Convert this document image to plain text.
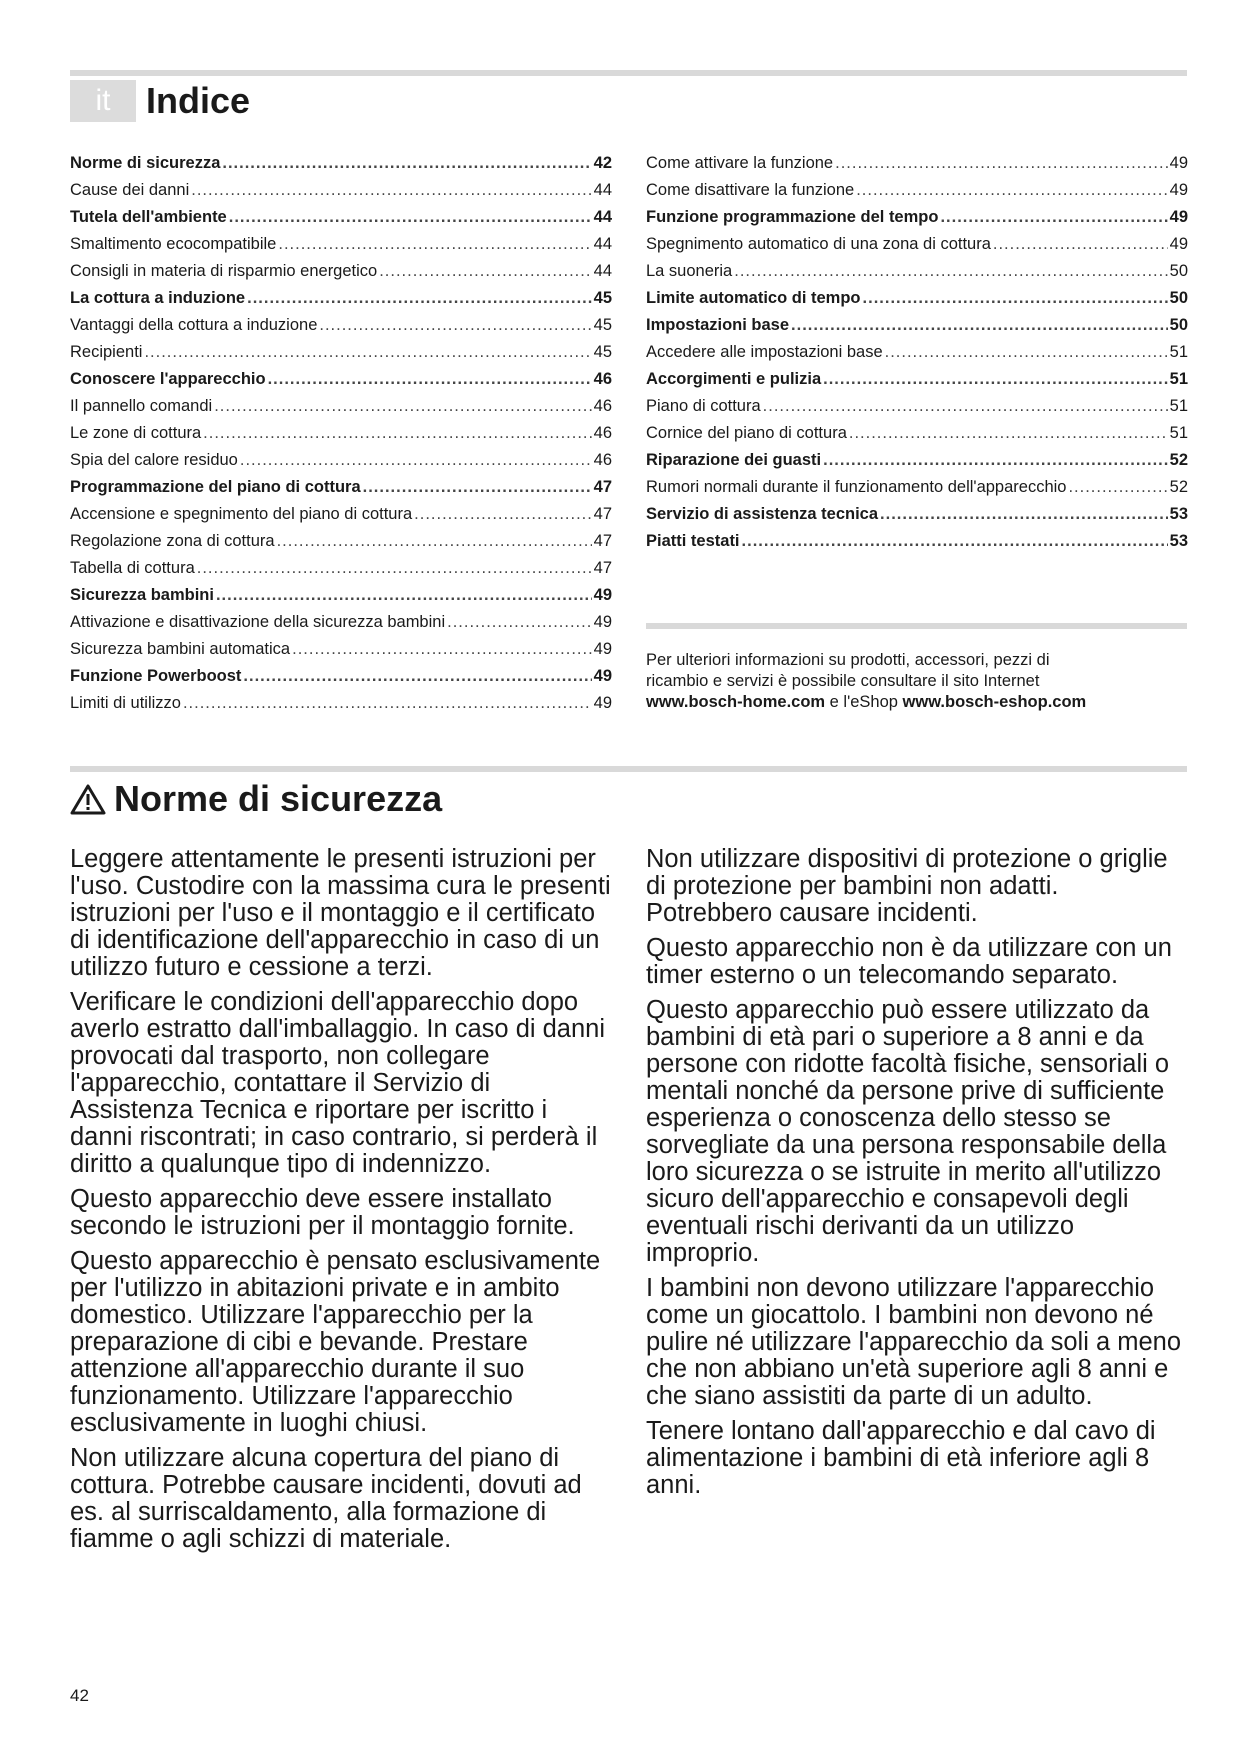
it Indice
Norme di sicurezza .....	42
Cause dei danni .....	44
Tutela dell'ambiente .....	44
Smaltimento ecocompatibile .....	44
Consigli in materia di risparmio energetico .....	44
La cottura a induzione .....	45
Vantaggi della cottura a induzione .....	45
Recipienti .....	45
Conoscere l'apparecchio .....	46
Il pannello comandi .....	46
Le zone di cottura .....	46
Spia del calore residuo .....	46
Programmazione del piano di cottura .....	47
Accensione e spegnimento del piano di cottura .....	47
Regolazione zona di cottura .....	47
Tabella di cottura .....	47
Sicurezza bambini .....	49
Attivazione e disattivazione della sicurezza bambini .....	49
Sicurezza bambini automatica .....	49
Funzione Powerboost .....	49
Limiti di utilizzo .....	49
Come attivare la funzione .....	49
Come disattivare la funzione .....	49
Funzione programmazione del tempo .....	49
Spegnimento automatico di una zona di cottura .....	49
La suoneria .....	50
Limite automatico di tempo .....	50
Impostazioni base .....	50
Accedere alle impostazioni base .....	51
Accorgimenti e pulizia .....	51
Piano di cottura .....	51
Cornice del piano di cottura .....	51
Riparazione dei guasti .....	52
Rumori normali durante il funzionamento dell'apparecchio .....	52
Servizio di assistenza tecnica .....	53
Piatti testati .....	53
Per ulteriori informazioni su prodotti, accessori, pezzi di
ricambio e servizi è possibile consultare il sito Internet
www.bosch-home.com e l'eShop www.bosch-eshop.com
Norme di sicurezza

Leggere attentamente le presenti istruzioni per l'uso. Custodire con la massima cura le presenti istruzioni per l'uso e il montaggio e il certificato di identificazione dell'apparecchio in caso di un utilizzo futuro e cessione a terzi.

Verificare le condizioni dell'apparecchio dopo averlo estratto dall'imballaggio. In caso di danni provocati dal trasporto, non collegare l'apparecchio, contattare il Servizio di Assistenza Tecnica e riportare per iscritto i danni riscontrati; in caso contrario, si perderà il diritto a qualunque tipo di indennizzo.

Questo apparecchio deve essere installato secondo le istruzioni per il montaggio fornite.

Questo apparecchio è pensato esclusivamente per l'utilizzo in abitazioni private e in ambito domestico. Utilizzare l'apparecchio per la preparazione di cibi e bevande. Prestare attenzione all'apparecchio durante il suo funzionamento. Utilizzare l'apparecchio esclusivamente in luoghi chiusi.

Non utilizzare alcuna copertura del piano di cottura. Potrebbe causare incidenti, dovuti ad es. al surriscaldamento, alla formazione di fiamme o agli schizzi di materiale.

Non utilizzare dispositivi di protezione o griglie di protezione per bambini non adatti. Potrebbero causare incidenti.

Questo apparecchio non è da utilizzare con un timer esterno o un telecomando separato.

Questo apparecchio può essere utilizzato da bambini di età pari o superiore a 8 anni e da persone con ridotte facoltà fisiche, sensoriali o mentali nonché da persone prive di sufficiente esperienza o conoscenza dello stesso se sorvegliate da una persona responsabile della loro sicurezza o se istruite in merito all'utilizzo sicuro dell'apparecchio e consapevoli degli eventuali rischi derivanti da un utilizzo improprio.

I bambini non devono utilizzare l'apparecchio come un giocattolo. I bambini non devono né pulire né utilizzare l'apparecchio da soli a meno che non abbiano un'età superiore agli 8 anni e che siano assistiti da parte di un adulto.

Tenere lontano dall'apparecchio e dal cavo di alimentazione i bambini di età inferiore agli 8 anni.

42
